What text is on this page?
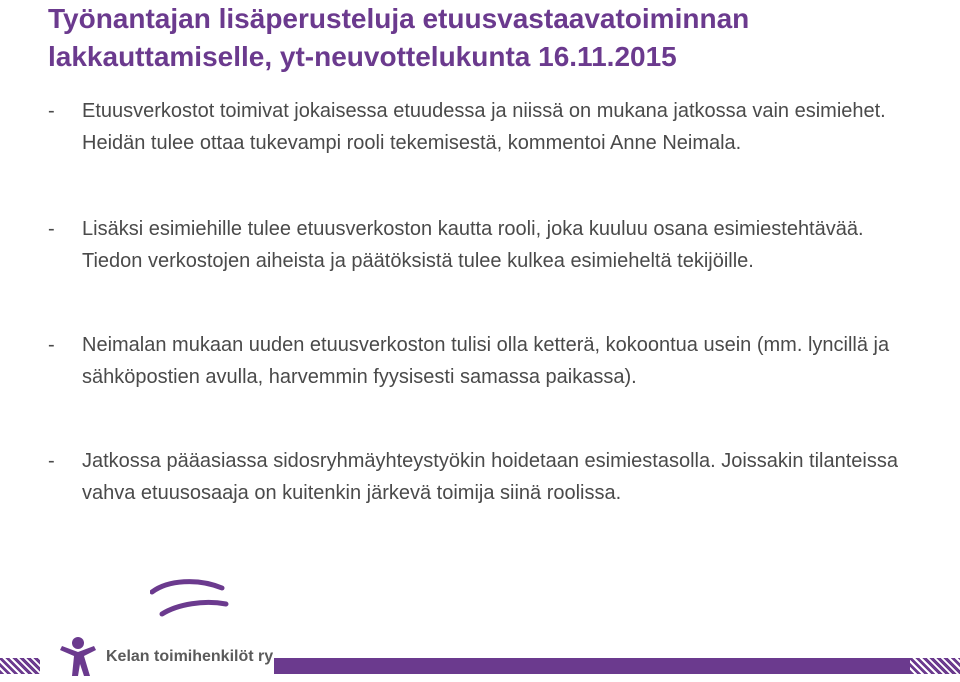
Työnantajan lisäperusteluja etuusvastaavatoiminnan lakkauttamiselle, yt-neuvottelukunta 16.11.2015
-	Etuusverkostot toimivat jokaisessa etuudessa ja niissä on mukana jatkossa vain esimiehet. Heidän tulee ottaa tukevampi rooli tekemisestä, kommentoi Anne Neimala.
-	Lisäksi esimiehille tulee etuusverkoston kautta rooli, joka kuuluu osana esimiestehtävää. Tiedon verkostojen aiheista ja päätöksistä tulee kulkea esimieheltä tekijöille.
-	Neimalan mukaan uuden etuusverkoston tulisi olla ketterä, kokoontua usein (mm. lyncillä ja sähköpostien avulla, harvemmin fyysisesti samassa paikassa).
-	Jatkossa pääasiassa sidosryhmäyhteystyökin hoidetaan esimiestasolla. Joissakin tilanteissa vahva etuusosaaja on kuitenkin järkevä toimija siinä roolissa.
Kelan toimihenkilöt ry
